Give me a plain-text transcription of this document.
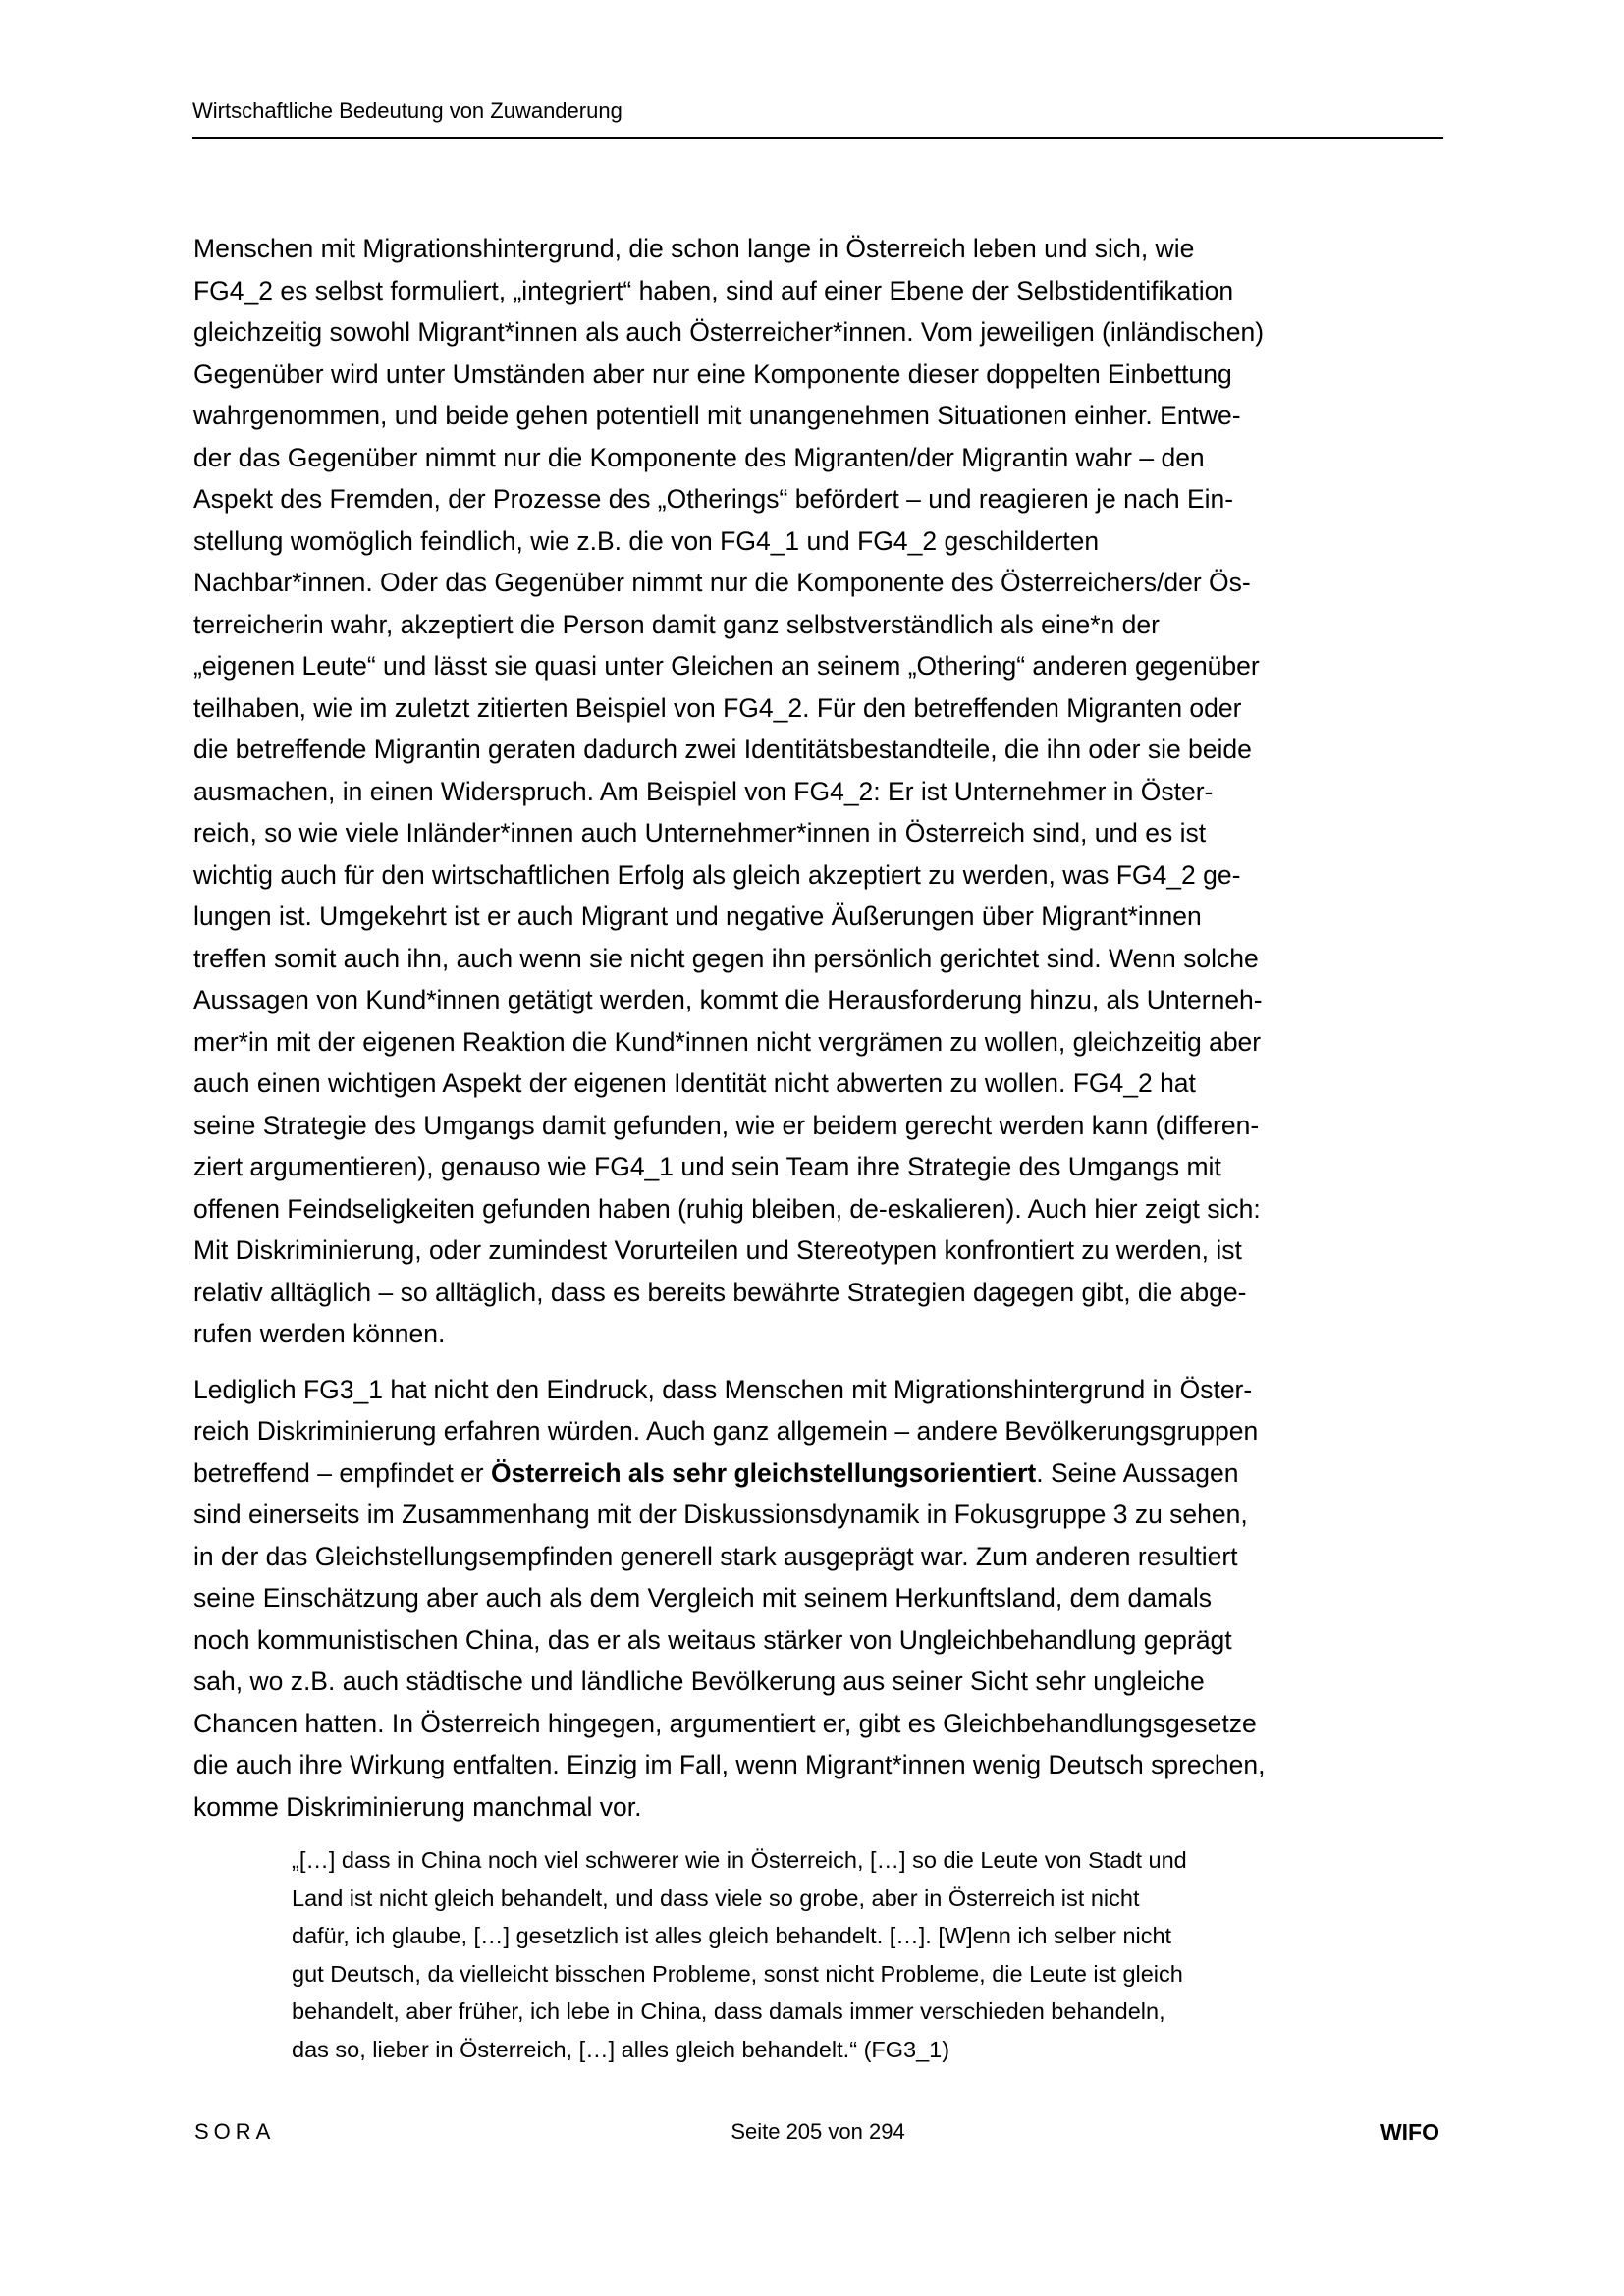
Wirtschaftliche Bedeutung von Zuwanderung

Menschen mit Migrationshintergrund, die schon lange in Österreich leben und sich, wie
FG4_2 es selbst formuliert, „integriert“ haben, sind auf einer Ebene der Selbstidentifikation
gleichzeitig sowohl Migrant*innen als auch Österreicher*innen. Vom jeweiligen (inländischen)
Gegenüber wird unter Umständen aber nur eine Komponente dieser doppelten Einbettung
wahrgenommen, und beide gehen potentiell mit unangenehmen Situationen einher. Entwe-
der das Gegenüber nimmt nur die Komponente des Migranten/der Migrantin wahr – den
Aspekt des Fremden, der Prozesse des „Otherings“ befördert – und reagieren je nach Ein-
stellung womöglich feindlich, wie z.B. die von FG4_1 und FG4_2 geschilderten
Nachbar*innen. Oder das Gegenüber nimmt nur die Komponente des Österreichers/der Ös-
terreicherin wahr, akzeptiert die Person damit ganz selbstverständlich als eine*n der
„eigenen Leute“ und lässt sie quasi unter Gleichen an seinem „Othering“ anderen gegenüber
teilhaben, wie im zuletzt zitierten Beispiel von FG4_2. Für den betreffenden Migranten oder
die betreffende Migrantin geraten dadurch zwei Identitätsbestandteile, die ihn oder sie beide
ausmachen, in einen Widerspruch. Am Beispiel von FG4_2: Er ist Unternehmer in Öster-
reich, so wie viele Inländer*innen auch Unternehmer*innen in Österreich sind, und es ist
wichtig auch für den wirtschaftlichen Erfolg als gleich akzeptiert zu werden, was FG4_2 ge-
lungen ist. Umgekehrt ist er auch Migrant und negative Äußerungen über Migrant*innen
treffen somit auch ihn, auch wenn sie nicht gegen ihn persönlich gerichtet sind. Wenn solche
Aussagen von Kund*innen getätigt werden, kommt die Herausforderung hinzu, als Unterneh-
mer*in mit der eigenen Reaktion die Kund*innen nicht vergrämen zu wollen, gleichzeitig aber
auch einen wichtigen Aspekt der eigenen Identität nicht abwerten zu wollen. FG4_2 hat
seine Strategie des Umgangs damit gefunden, wie er beidem gerecht werden kann (differen-
ziert argumentieren), genauso wie FG4_1 und sein Team ihre Strategie des Umgangs mit
offenen Feindseligkeiten gefunden haben (ruhig bleiben, de-eskalieren). Auch hier zeigt sich:
Mit Diskriminierung, oder zumindest Vorurteilen und Stereotypen konfrontiert zu werden, ist
relativ alltäglich – so alltäglich, dass es bereits bewährte Strategien dagegen gibt, die abge-
rufen werden können.

Lediglich FG3_1 hat nicht den Eindruck, dass Menschen mit Migrationshintergrund in Öster-
reich Diskriminierung erfahren würden. Auch ganz allgemein – andere Bevölkerungsgruppen
betreffend – empfindet er Österreich als sehr gleichstellungsorientiert. Seine Aussagen
sind einerseits im Zusammenhang mit der Diskussionsdynamik in Fokusgruppe 3 zu sehen,
in der das Gleichstellungsempfinden generell stark ausgeprägt war. Zum anderen resultiert
seine Einschätzung aber auch als dem Vergleich mit seinem Herkunftsland, dem damals
noch kommunistischen China, das er als weitaus stärker von Ungleichbehandlung geprägt
sah, wo z.B. auch städtische und ländliche Bevölkerung aus seiner Sicht sehr ungleiche
Chancen hatten. In Österreich hingegen, argumentiert er, gibt es Gleichbehandlungsgesetze
die auch ihre Wirkung entfalten. Einzig im Fall, wenn Migrant*innen wenig Deutsch sprechen,
komme Diskriminierung manchmal vor.

„[…] dass in China noch viel schwerer wie in Österreich, […] so die Leute von Stadt und
Land ist nicht gleich behandelt, und dass viele so grobe, aber in Österreich ist nicht
dafür, ich glaube, […] gesetzlich ist alles gleich behandelt. […]. [W]enn ich selber nicht
gut Deutsch, da vielleicht bisschen Probleme, sonst nicht Probleme, die Leute ist gleich
behandelt, aber früher, ich lebe in China, dass damals immer verschieden behandeln,
das so, lieber in Österreich, […] alles gleich behandelt.“ (FG3_1)
SORA	Seite 205 von 294	WIFO
